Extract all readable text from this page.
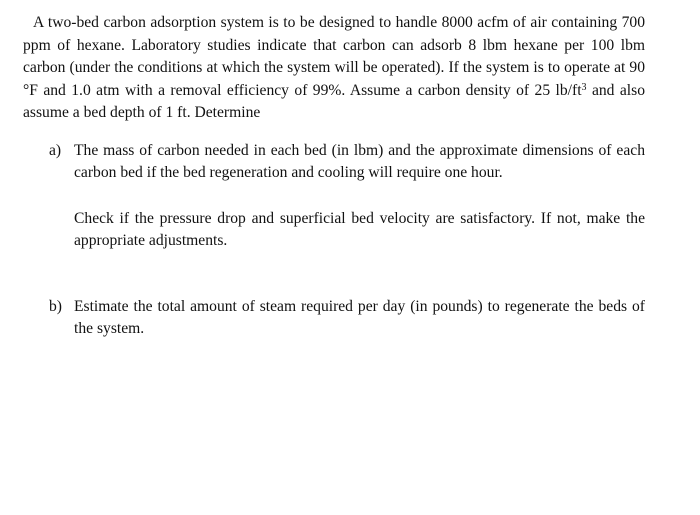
A two-bed carbon adsorption system is to be designed to handle 8000 acfm of air containing 700 ppm of hexane. Laboratory studies indicate that carbon can adsorb 8 lbm hexane per 100 lbm carbon (under the conditions at which the system will be operated). If the system is to operate at 90 °F and 1.0 atm with a removal efficiency of 99%. Assume a carbon density of 25 $lb/ft^3$ and also assume a bed depth of 1 ft. Determine

a) The mass of carbon needed in each bed (in lbm) and the approximate dimensions of each carbon bed if the bed regeneration and cooling will require one hour.

Check if the pressure drop and superficial bed velocity are satisfactory. If not, make the appropriate adjustments.

b) Estimate the total amount of steam required per day (in pounds) to regenerate the beds of the system.
